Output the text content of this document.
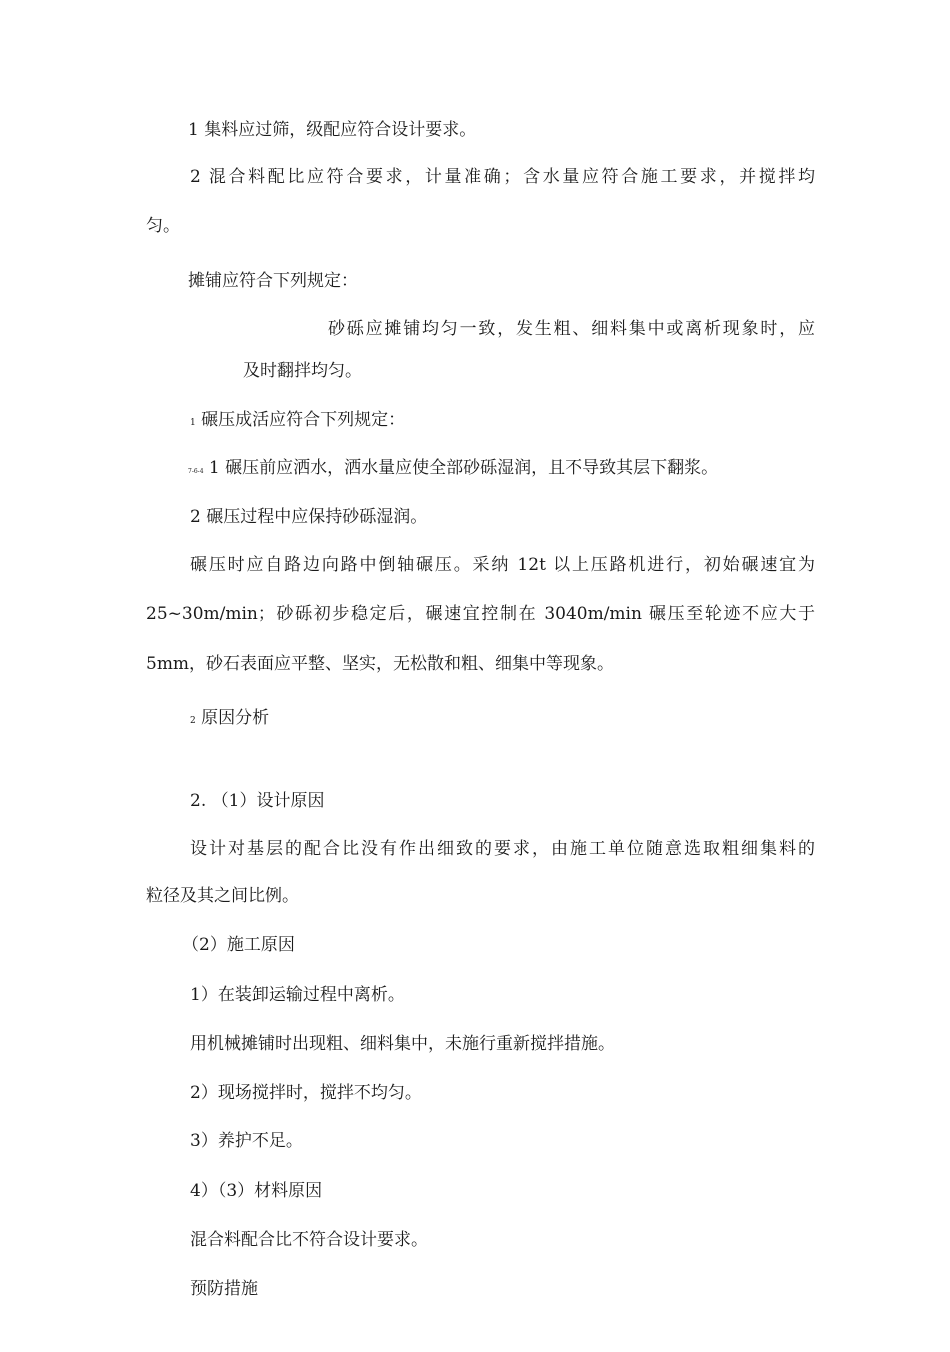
1 集料应过筛，级配应符合设计要求。
2 混合料配比应符合要求，计量准确；含水量应符合施工要求，并搅拌均
匀。
摊铺应符合下列规定：
砂砾应摊铺均匀一致，发生粗、细料集中或离析现象时，应
及时翻拌均匀。
1 碾压成活应符合下列规定：
7-6-4 1 碾压前应洒水，洒水量应使全部砂砾湿润，且不导致其层下翻浆。
2 碾压过程中应保持砂砾湿润。
碾压时应自路边向路中倒轴碾压。采纳 12t 以上压路机进行，初始碾速宜为
25~30m/min；砂砾初步稳定后，碾速宜控制在 3040m/min 碾压至轮迹不应大于
5mm，砂石表面应平整、坚实，无松散和粗、细集中等现象。
2 原因分析
2. （1）设计原因
设计对基层的配合比没有作出细致的要求，由施工单位随意选取粗细集料的
粒径及其之间比例。
（2）施工原因
1）在装卸运输过程中离析。
用机械摊铺时出现粗、细料集中，未施行重新搅拌措施。
2）现场搅拌时，搅拌不均匀。
3）养护不足。
4）（3）材料原因
混合料配合比不符合设计要求。
预防措施
